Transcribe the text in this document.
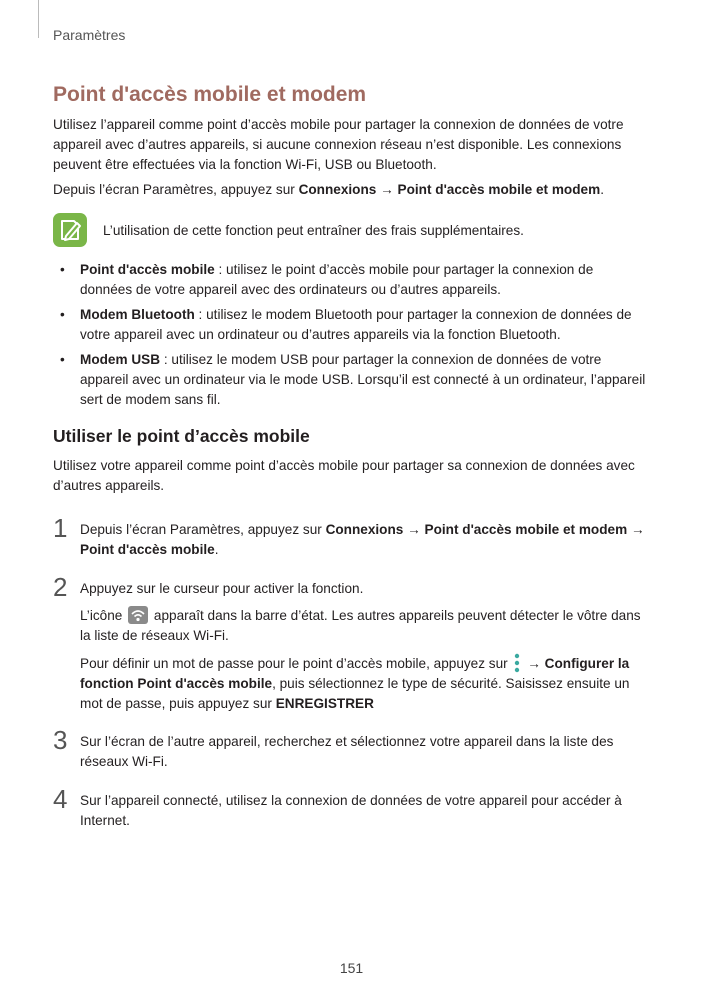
Paramètres
Point d'accès mobile et modem

Utilisez l’appareil comme point d’accès mobile pour partager la connexion de données de votre appareil avec d’autres appareils, si aucune connexion réseau n’est disponible. Les connexions peuvent être effectuées via la fonction Wi-Fi, USB ou Bluetooth.

Depuis l’écran Paramètres, appuyez sur Connexions → Point d'accès mobile et modem.

L’utilisation de cette fonction peut entraîner des frais supplémentaires.
• Point d'accès mobile : utilisez le point d’accès mobile pour partager la connexion de données de votre appareil avec des ordinateurs ou d’autres appareils.
• Modem Bluetooth : utilisez le modem Bluetooth pour partager la connexion de données de votre appareil avec un ordinateur ou d’autres appareils via la fonction Bluetooth.
• Modem USB : utilisez le modem USB pour partager la connexion de données de votre appareil avec un ordinateur via le mode USB. Lorsqu’il est connecté à un ordinateur, l’appareil sert de modem sans fil.
Utiliser le point d’accès mobile

Utilisez votre appareil comme point d’accès mobile pour partager sa connexion de données avec d’autres appareils.

1 Depuis l’écran Paramètres, appuyez sur Connexions → Point d'accès mobile et modem → Point d'accès mobile.

2 Appuyez sur le curseur pour activer la fonction.

L’icône  apparaît dans la barre d’état. Les autres appareils peuvent détecter le vôtre dans la liste de réseaux Wi-Fi.

Pour définir un mot de passe pour le point d’accès mobile, appuyez sur  → Configurer la fonction Point d'accès mobile, puis sélectionnez le type de sécurité. Saisissez ensuite un mot de passe, puis appuyez sur ENREGISTRER

3 Sur l’écran de l’autre appareil, recherchez et sélectionnez votre appareil dans la liste des réseaux Wi-Fi.

4 Sur l’appareil connecté, utilisez la connexion de données de votre appareil pour accéder à Internet.

151
